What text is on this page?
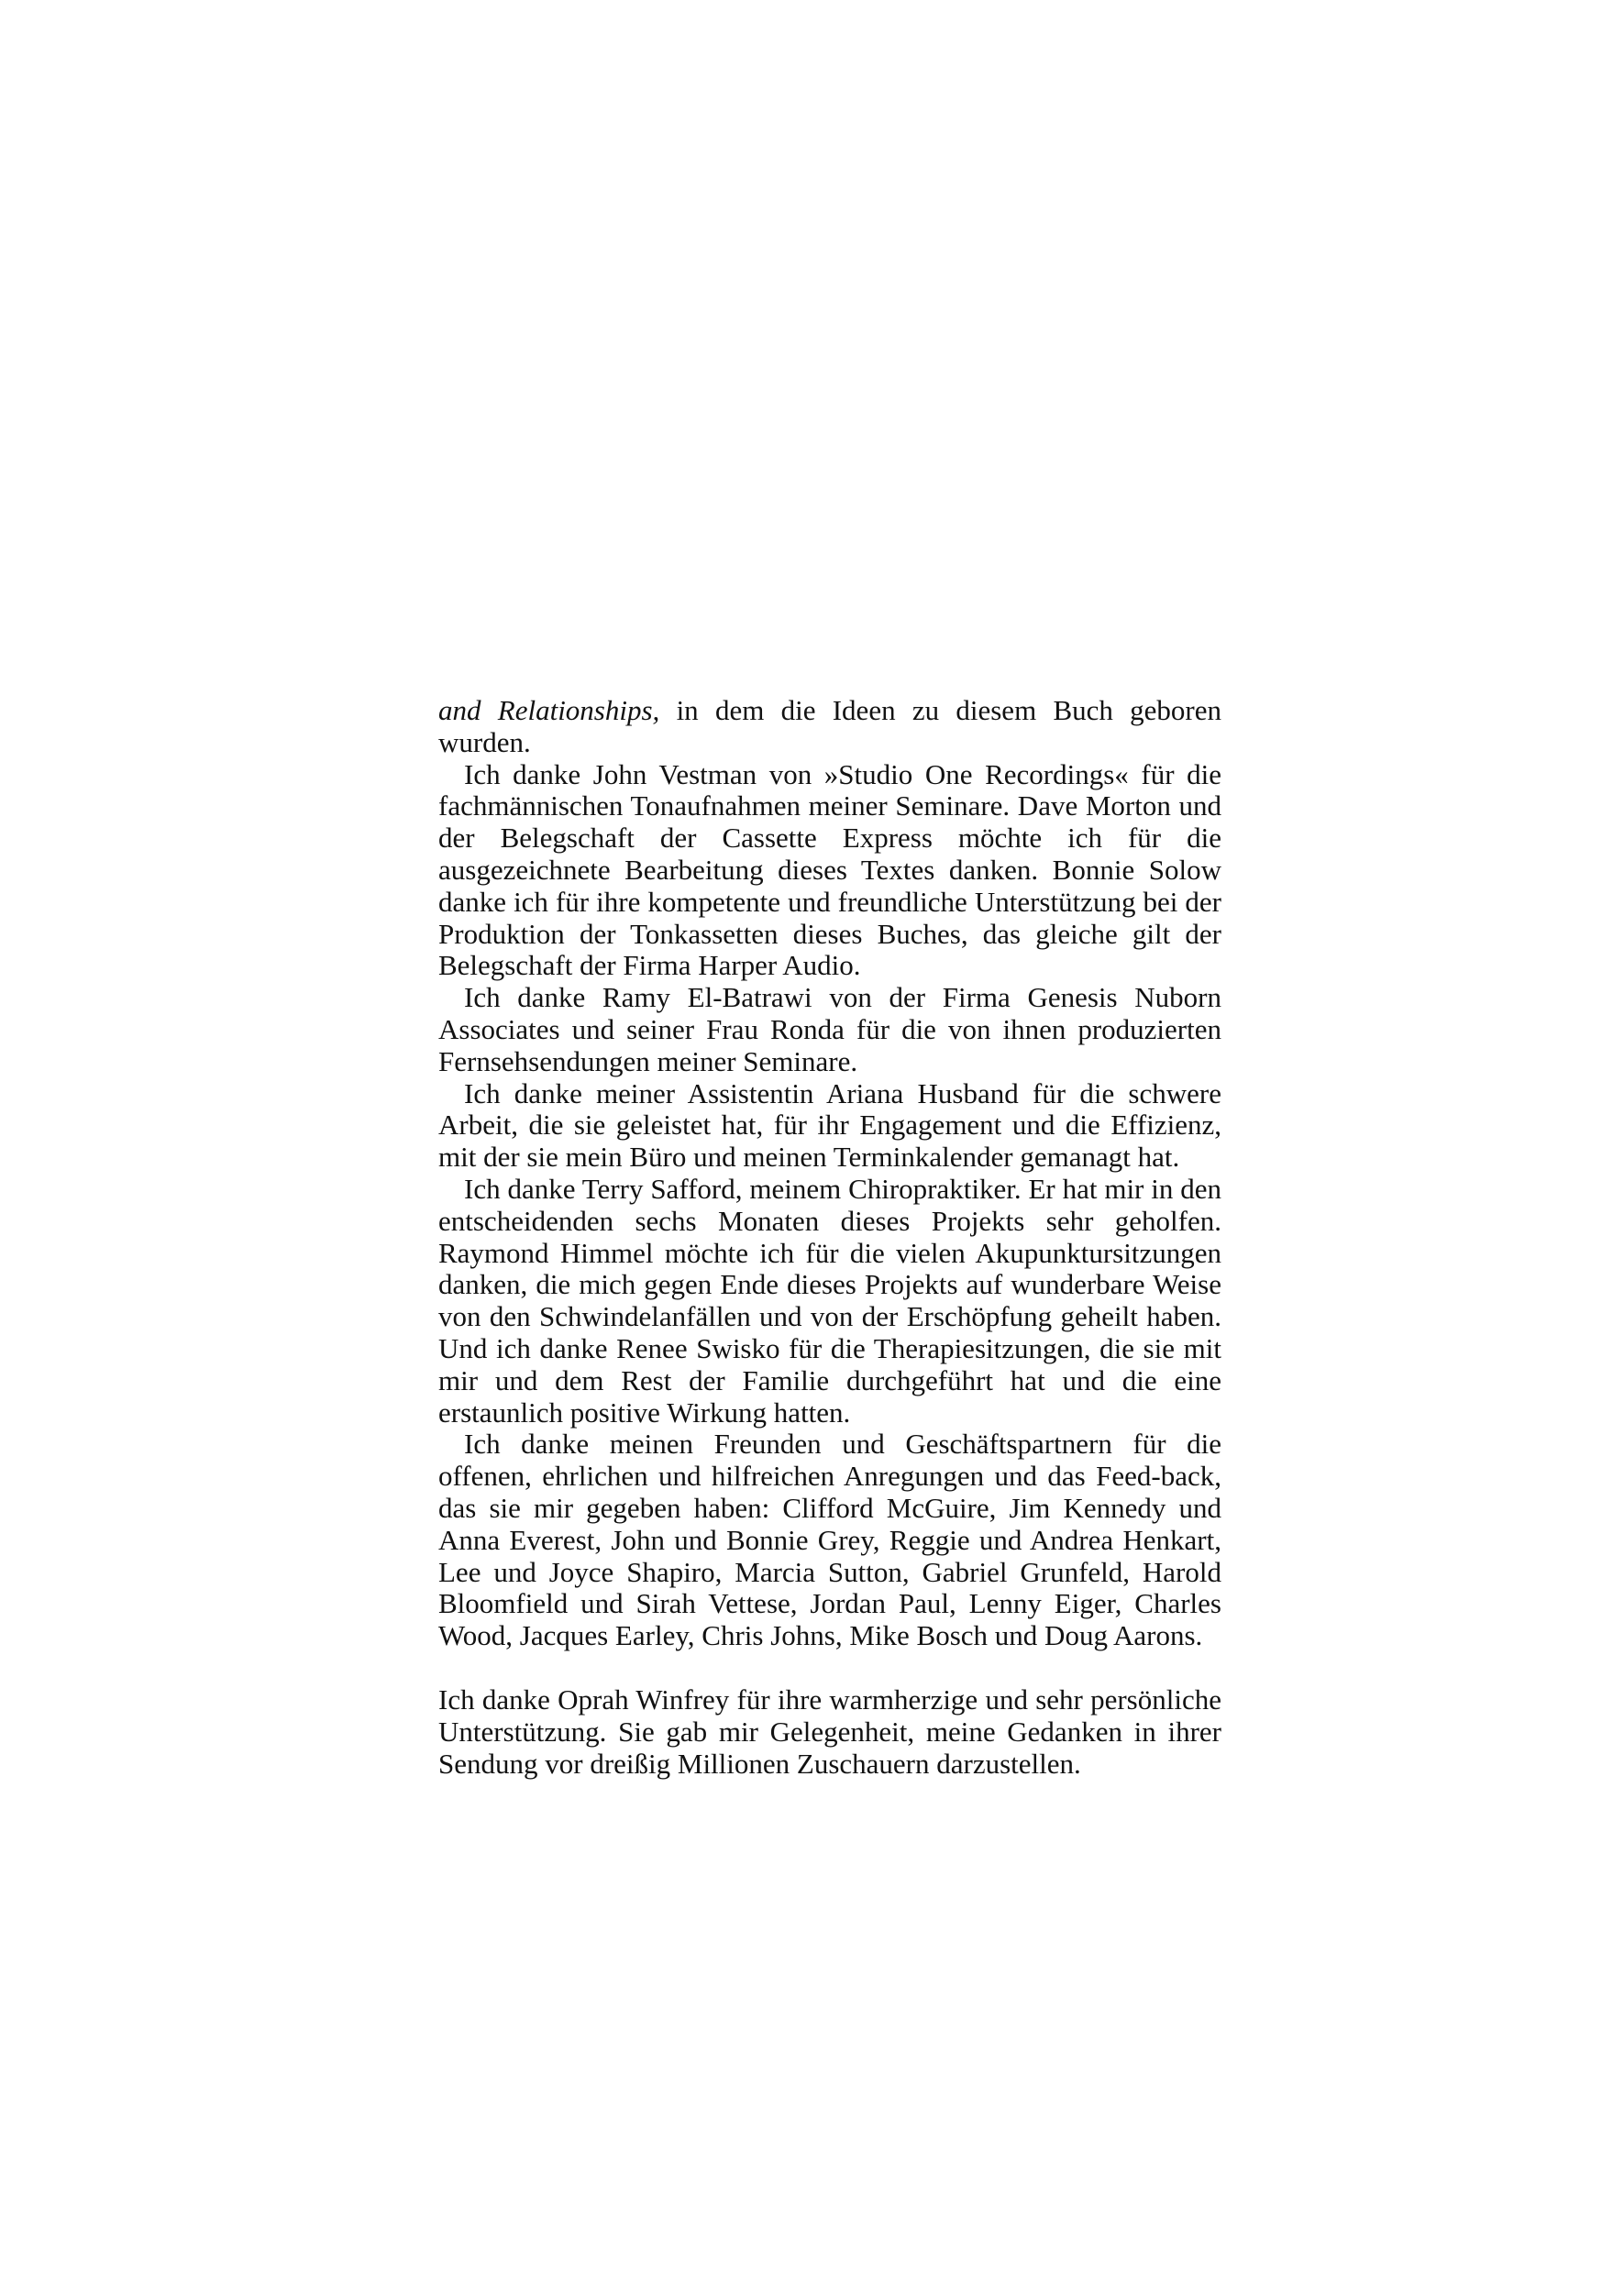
and Relationships, in dem die Ideen zu diesem Buch geboren wurden.

Ich danke John Vestman von »Studio One Recordings« für die fachmännischen Tonaufnahmen meiner Seminare. Dave Morton und der Belegschaft der Cassette Express möchte ich für die ausgezeichnete Bearbeitung dieses Textes danken. Bonnie Solow danke ich für ihre kompetente und freundliche Unterstützung bei der Produktion der Tonkassetten dieses Buches, das gleiche gilt der Belegschaft der Firma Harper Audio.

Ich danke Ramy El-Batrawi von der Firma Genesis Nuborn Associates und seiner Frau Ronda für die von ihnen produzierten Fernsehsendungen meiner Seminare.

Ich danke meiner Assistentin Ariana Husband für die schwere Arbeit, die sie geleistet hat, für ihr Engagement und die Effizienz, mit der sie mein Büro und meinen Terminkalender gemanagt hat.

Ich danke Terry Safford, meinem Chiropraktiker. Er hat mir in den entscheidenden sechs Monaten dieses Projekts sehr geholfen. Raymond Himmel möchte ich für die vielen Akupunktursitzungen danken, die mich gegen Ende dieses Projekts auf wunderbare Weise von den Schwindelanfällen und von der Erschöpfung geheilt haben. Und ich danke Renee Swisko für die Therapiesitzungen, die sie mit mir und dem Rest der Familie durchgeführt hat und die eine erstaunlich positive Wirkung hatten.

Ich danke meinen Freunden und Geschäftspartnern für die offenen, ehrlichen und hilfreichen Anregungen und das Feed-back, das sie mir gegeben haben: Clifford McGuire, Jim Kennedy und Anna Everest, John und Bonnie Grey, Reggie und Andrea Henkart, Lee und Joyce Shapiro, Marcia Sutton, Gabriel Grunfeld, Harold Bloomfield und Sirah Vettese, Jordan Paul, Lenny Eiger, Charles Wood, Jacques Earley, Chris Johns, Mike Bosch und Doug Aarons.

Ich danke Oprah Winfrey für ihre warmherzige und sehr persönliche Unterstützung. Sie gab mir Gelegenheit, meine Gedanken in ihrer Sendung vor dreißig Millionen Zuschauern darzustellen.
